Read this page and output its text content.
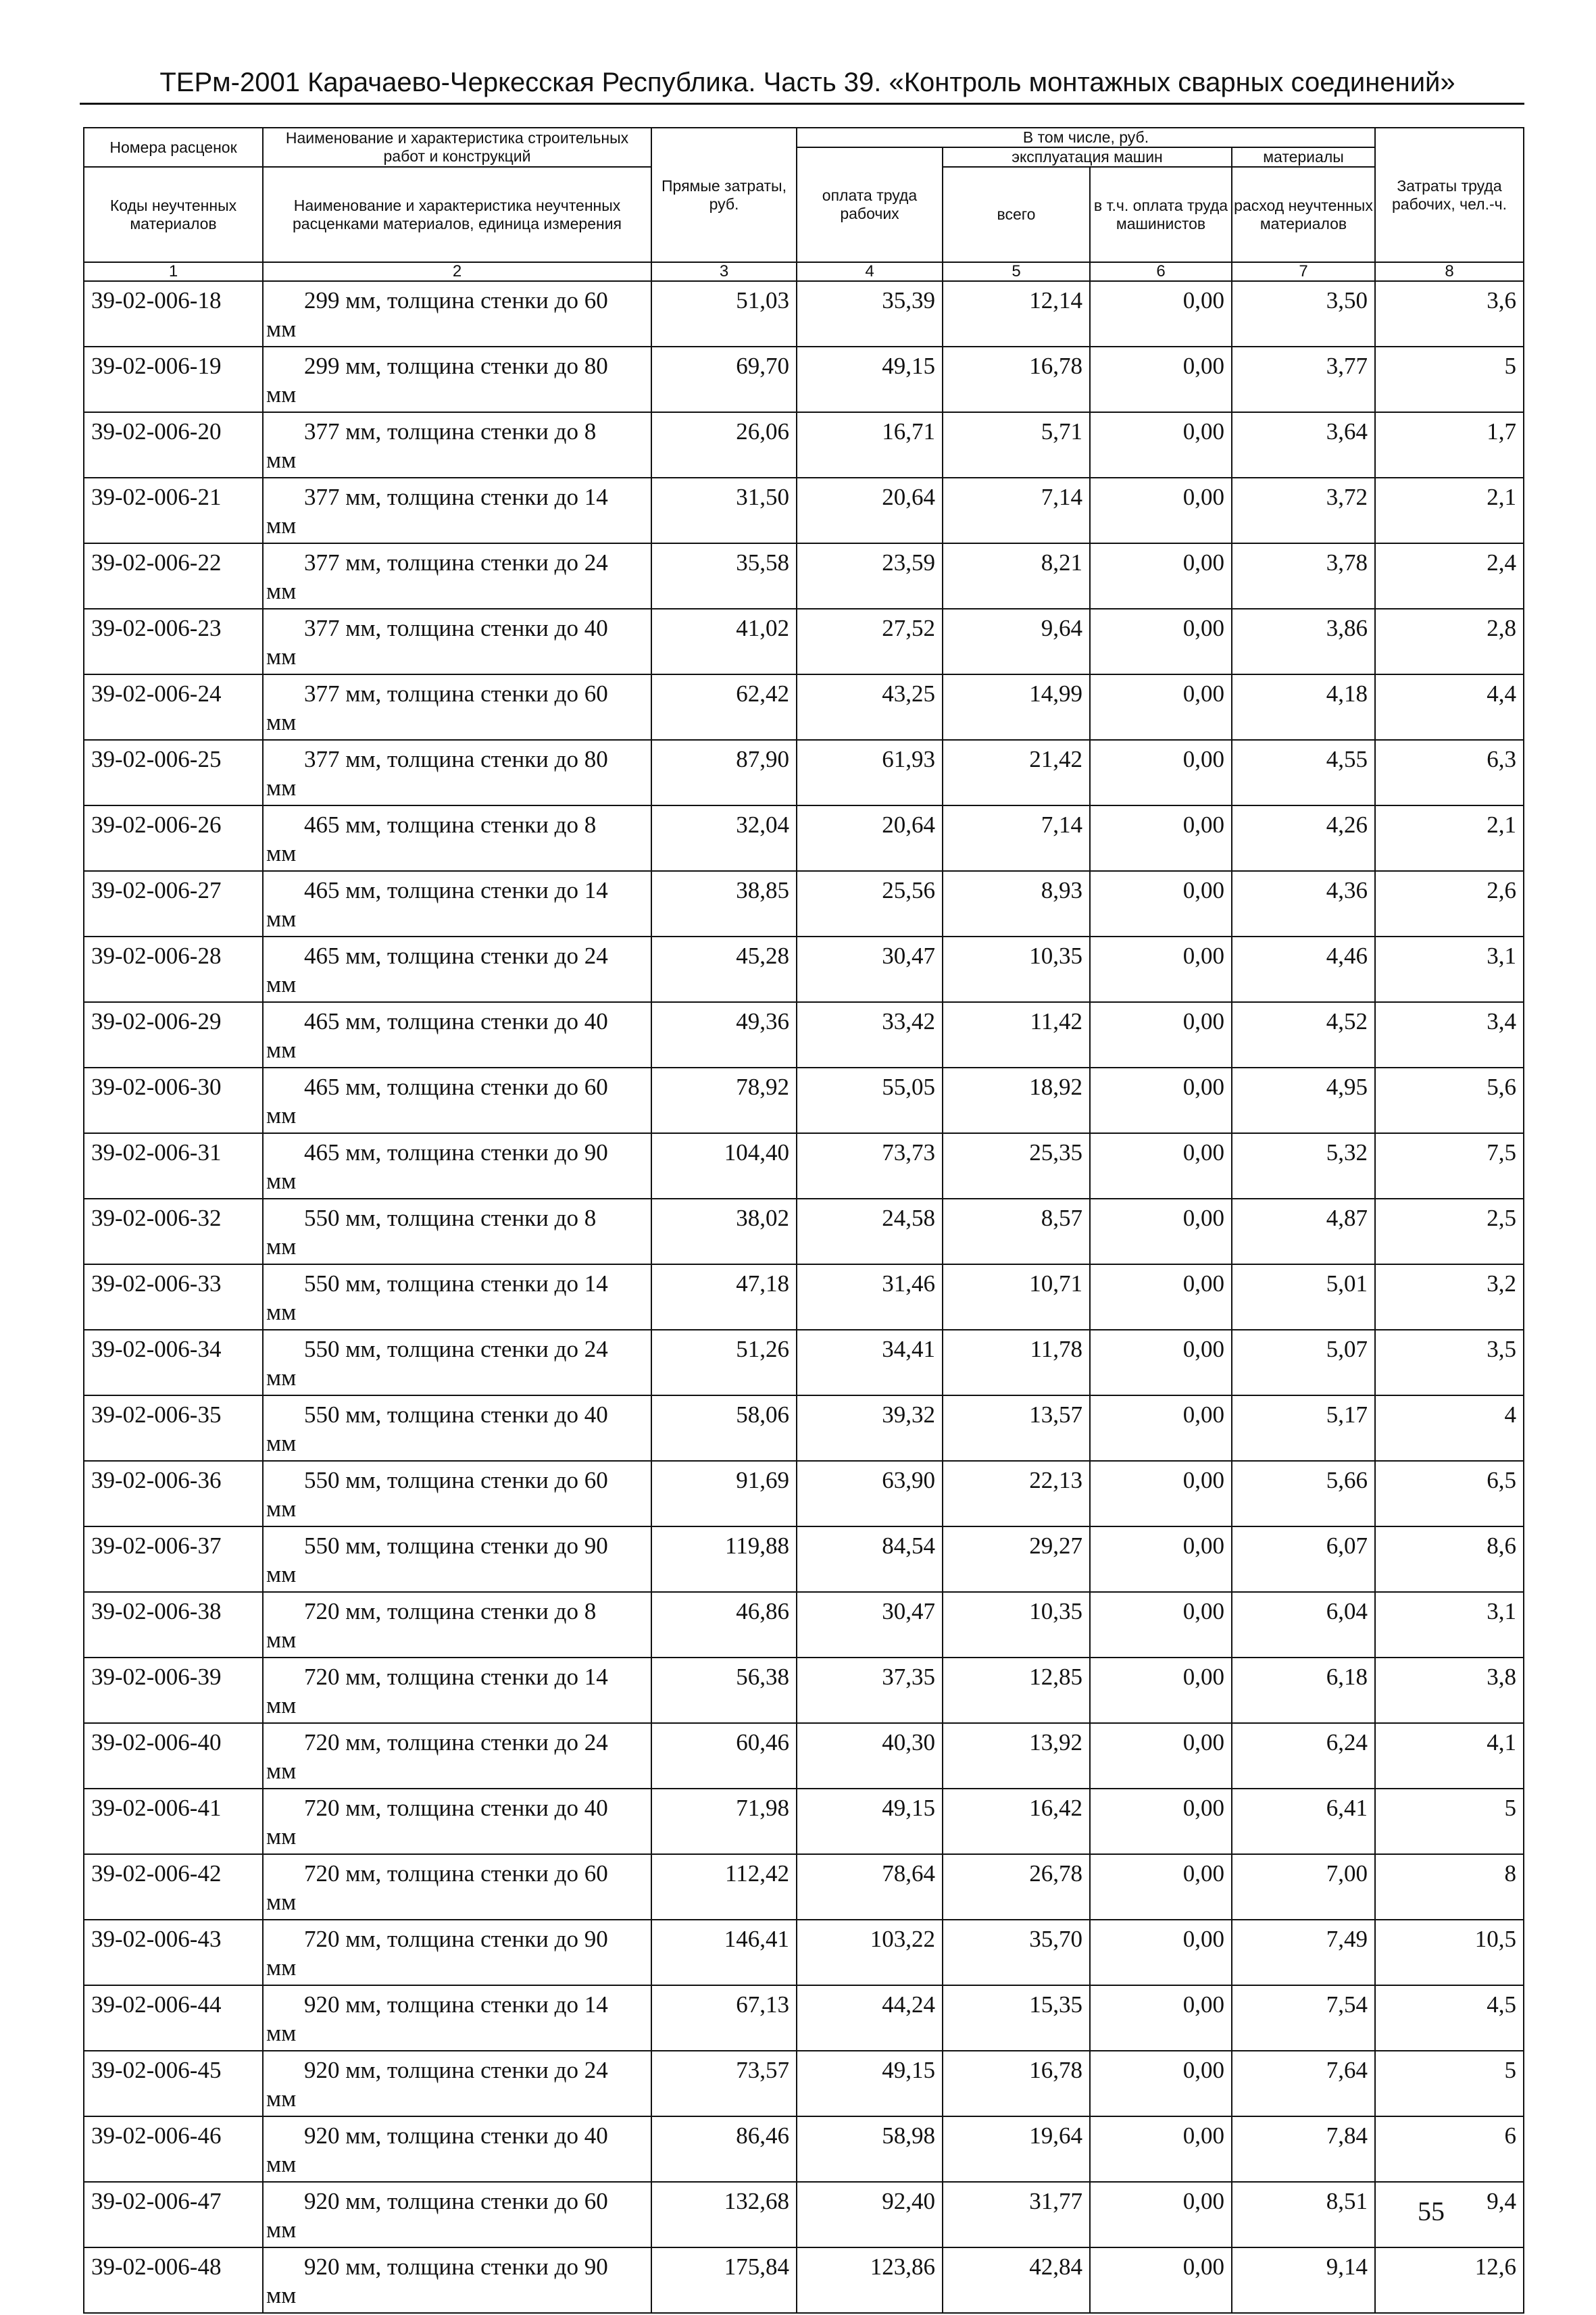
ТЕРм-2001 Карачаево-Черкесская Республика. Часть 39. «Контроль монтажных сварных соединений»
Номера расценок	Наименование и характеристика строительных работ и конструкций	Прямые затраты, руб.	В том числе, руб.				Затраты труда рабочих, чел.-ч.
			оплата труда рабочих	эксплуатация машин		материалы	
Коды неучтенных материалов	Наименование и характеристика неучтенных расценками материалов, единица измерения			всего	в т.ч. оплата труда машинистов	расход неучтенных материалов	

1	2	3	4	5	6	7	8
39-02-006-18	299 мм, толщина стенки до 60
мм	51,03	35,39	12,14	0,00	3,50	3,6
39-02-006-19	299 мм, толщина стенки до 80
мм	69,70	49,15	16,78	0,00	3,77	5
39-02-006-20	377 мм, толщина стенки до 8
мм	26,06	16,71	5,71	0,00	3,64	1,7
39-02-006-21	377 мм, толщина стенки до 14
мм	31,50	20,64	7,14	0,00	3,72	2,1
39-02-006-22	377 мм, толщина стенки до 24
мм	35,58	23,59	8,21	0,00	3,78	2,4
39-02-006-23	377 мм, толщина стенки до 40
мм	41,02	27,52	9,64	0,00	3,86	2,8
39-02-006-24	377 мм, толщина стенки до 60
мм	62,42	43,25	14,99	0,00	4,18	4,4
39-02-006-25	377 мм, толщина стенки до 80
мм	87,90	61,93	21,42	0,00	4,55	6,3
39-02-006-26	465 мм, толщина стенки до 8
мм	32,04	20,64	7,14	0,00	4,26	2,1
39-02-006-27	465 мм, толщина стенки до 14
мм	38,85	25,56	8,93	0,00	4,36	2,6
39-02-006-28	465 мм, толщина стенки до 24
мм	45,28	30,47	10,35	0,00	4,46	3,1
39-02-006-29	465 мм, толщина стенки до 40
мм	49,36	33,42	11,42	0,00	4,52	3,4
39-02-006-30	465 мм, толщина стенки до 60
мм	78,92	55,05	18,92	0,00	4,95	5,6
39-02-006-31	465 мм, толщина стенки до 90
мм	104,40	73,73	25,35	0,00	5,32	7,5
39-02-006-32	550 мм, толщина стенки до 8
мм	38,02	24,58	8,57	0,00	4,87	2,5
39-02-006-33	550 мм, толщина стенки до 14
мм	47,18	31,46	10,71	0,00	5,01	3,2
39-02-006-34	550 мм, толщина стенки до 24
мм	51,26	34,41	11,78	0,00	5,07	3,5
39-02-006-35	550 мм, толщина стенки до 40
мм	58,06	39,32	13,57	0,00	5,17	4
39-02-006-36	550 мм, толщина стенки до 60
мм	91,69	63,90	22,13	0,00	5,66	6,5
39-02-006-37	550 мм, толщина стенки до 90
мм	119,88	84,54	29,27	0,00	6,07	8,6
39-02-006-38	720 мм, толщина стенки до 8
мм	46,86	30,47	10,35	0,00	6,04	3,1
39-02-006-39	720 мм, толщина стенки до 14
мм	56,38	37,35	12,85	0,00	6,18	3,8
39-02-006-40	720 мм, толщина стенки до 24
мм	60,46	40,30	13,92	0,00	6,24	4,1
39-02-006-41	720 мм, толщина стенки до 40
мм	71,98	49,15	16,42	0,00	6,41	5
39-02-006-42	720 мм, толщина стенки до 60
мм	112,42	78,64	26,78	0,00	7,00	8
39-02-006-43	720 мм, толщина стенки до 90
мм	146,41	103,22	35,70	0,00	7,49	10,5
39-02-006-44	920 мм, толщина стенки до 14
мм	67,13	44,24	15,35	0,00	7,54	4,5
39-02-006-45	920 мм, толщина стенки до 24
мм	73,57	49,15	16,78	0,00	7,64	5
39-02-006-46	920 мм, толщина стенки до 40
мм	86,46	58,98	19,64	0,00	7,84	6
39-02-006-47	920 мм, толщина стенки до 60
мм	132,68	92,40	31,77	0,00	8,51	9,4
39-02-006-48	920 мм, толщина стенки до 90
мм	175,84	123,86	42,84	0,00	9,14	12,6
55
